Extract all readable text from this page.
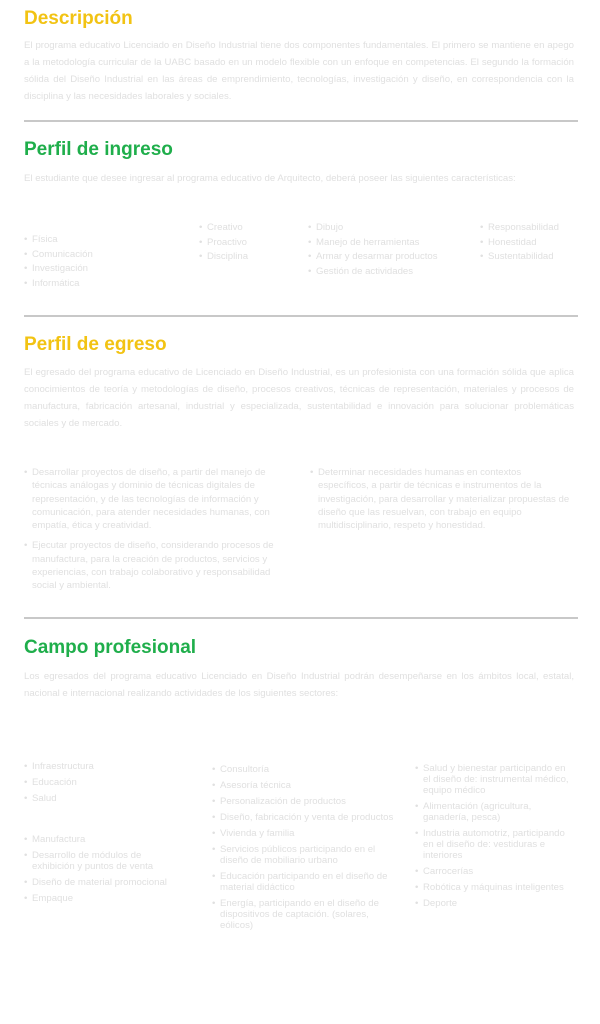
Descripción

El programa educativo Licenciado en Diseño Industrial tiene dos componentes fundamentales. El primero se mantiene en apego a la metodología curricular de la UABC basado en un modelo flexible con un enfoque en competencias. El segundo la formación sólida del Diseño Industrial en las áreas de emprendimiento, tecnologías, investigación y diseño, en correspondencia con la disciplina y las necesidades laborales y sociales.

Perfil de ingreso

El estudiante que desee ingresar al programa educativo de Arquitecto, deberá poseer las siguientes características:

• Física
• Comunicación
• Investigación
• Informática
• Creativo
• Proactivo
• Disciplina
• Dibujo
• Manejo de herramientas
• Armar y desarmar productos
• Gestión de actividades
• Responsabilidad
• Honestidad
• Sustentabilidad
Perfil de egreso

El egresado del programa educativo de Licenciado en Diseño Industrial, es un profesionista con una formación sólida que aplica conocimientos de teoría y metodologías de diseño, procesos creativos, técnicas de representación, materiales y procesos de manufactura, fabricación artesanal, industrial y especializada, sustentabilidad e innovación para solucionar problemáticas sociales y de mercado.

• Desarrollar proyectos de diseño, a partir del manejo de técnicas análogas y dominio de técnicas digitales de representación, y de las tecnologías de información y comunicación, para atender necesidades humanas, con empatía, ética y creatividad.
• Ejecutar proyectos de diseño, considerando procesos de manufactura, para la creación de productos, servicios y experiencias, con trabajo colaborativo y responsabilidad social y ambiental.
• Determinar necesidades humanas en contextos específicos, a partir de técnicas e instrumentos de la investigación, para desarrollar y materializar propuestas de diseño que las resuelvan, con trabajo en equipo multidisciplinario, respeto y honestidad.
Campo profesional

Los egresados del programa educativo Licenciado en Diseño Industrial podrán desempeñarse en los ámbitos local, estatal, nacional e internacional realizando actividades de los siguientes sectores:

• Infraestructura
• Educación
• Salud
• Manufactura
• Desarrollo de módulos de exhibición y puntos de venta
• Diseño de material promocional
• Empaque
• Consultoría
• Asesoría técnica
• Personalización de productos
• Diseño, fabricación y venta de productos
• Vivienda y familia
• Servicios públicos participando en el diseño de mobiliario urbano
• Educación participando en el diseño de material didáctico
• Energía, participando en el diseño de dispositivos de captación. (solares, eólicos)
• Salud y bienestar participando en el diseño de: instrumental médico, equipo médico
• Alimentación (agricultura, ganadería, pesca)
• Industria automotriz, participando en el diseño de: vestiduras e interiores
• Carrocerías
• Robótica y máquinas inteligentes
• Deporte
